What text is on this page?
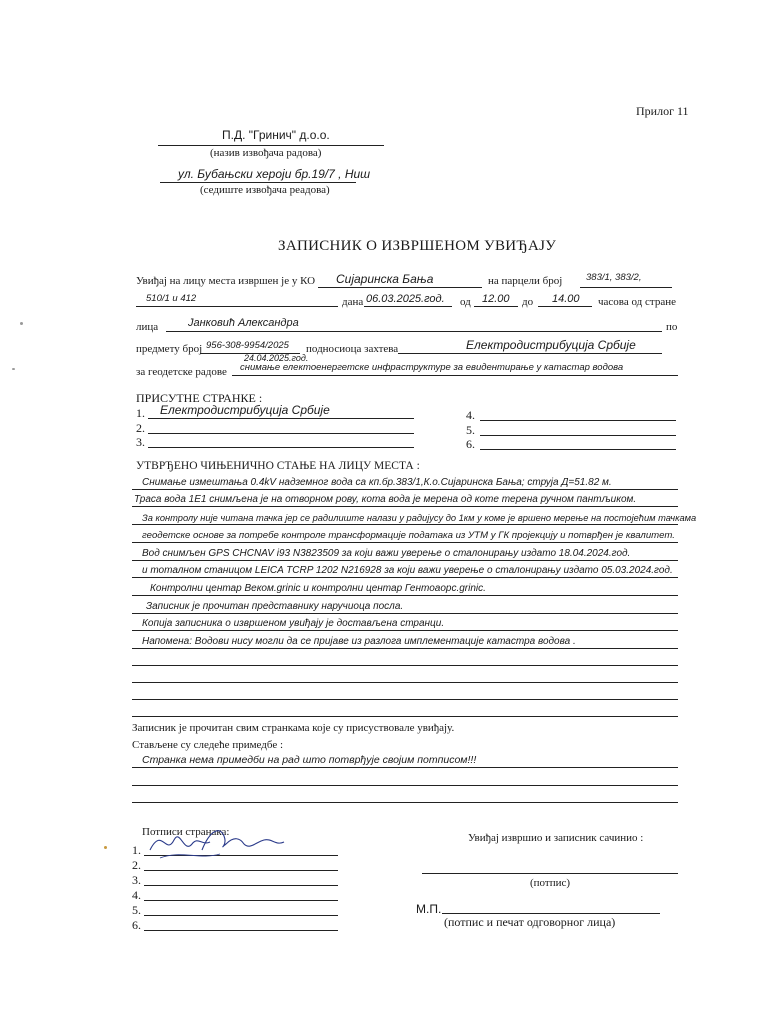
Прилог 11
П.Д. "Гринич" д.о.о.
(назив извођача радова)
ул. Бубањски хероји бр.19/7 , Ниш
(седиште извођача реадова)
ЗАПИСНИК О ИЗВРШЕНОМ УВИЂАЈУ
Увиђај на лицу места извршен је у КО Сијаринска Бања	на парцели број 383/1, 383/2,
510/1 и 412	дана 06.03.2025.год. од 12.00 до 14.00 часова од стране
лица	Јанковић Александра	по
предмету број 956-308-9954/2025 подносиоца захтева	Електродистрибуција Србије
24.04.2025.год.
за геодетске радове снимање електоенергетске инфраструктуре за евидентирање у катастар водова
ПРИСУТНЕ СТРАНКЕ :
1. Електродистрибуција Србије
2.
3.
4.
5.
6.
УТВРЂЕНО ЧИЊЕНИЧНО СТАЊЕ НА ЛИЦУ МЕСТА :
Снимање измештања 0.4kV надземног вода са кп.бр.383/1,К.о.Сијаринска Бања; струја Д=51.82 м.
Траса вода 1Е1 снимљена је на отворном рову, кота вода је мерена од коте терена ручном пантљиком.
За контролу није читана тачка јер се радилиште налази у радијусу до 1км у коме је вршено мерење на постојећим тачкама
геодетске основе за потребе контроле трансформације података из УТМ у ГК пројекцију и потврђен је квалитет.
Вод снимљен GPS CHCNAV i93 N3823509 за који важи уверење о сталонирању издато 18.04.2024.год.
и тоталном станицом LEICA TCRP 1202 N216928 за који важи уверење о сталонирању издато 05.03.2024.год.
Контролни центар Beком.grinic и контролни центар Гентоаорс.grinic.
Записник је прочитан представнику наручиоца посла.
Копија записника о извршеном увиђају је достављена странци.
Напомена: Водови нису могли да се пријаве из разлога имплементације катастра водова .
Записник је прочитан свим странкама које су присуствовале увиђају.
Стављене су следеће примедбе :
Странка нема примедби на рад што потврђује својим потписом!!!
Потписи странака:
1.
2.
3.
4.
5.
6.
Увиђај извршио и записник сачинио :
(потпис)
М.П.
(потпис и печат одговорног лица)
